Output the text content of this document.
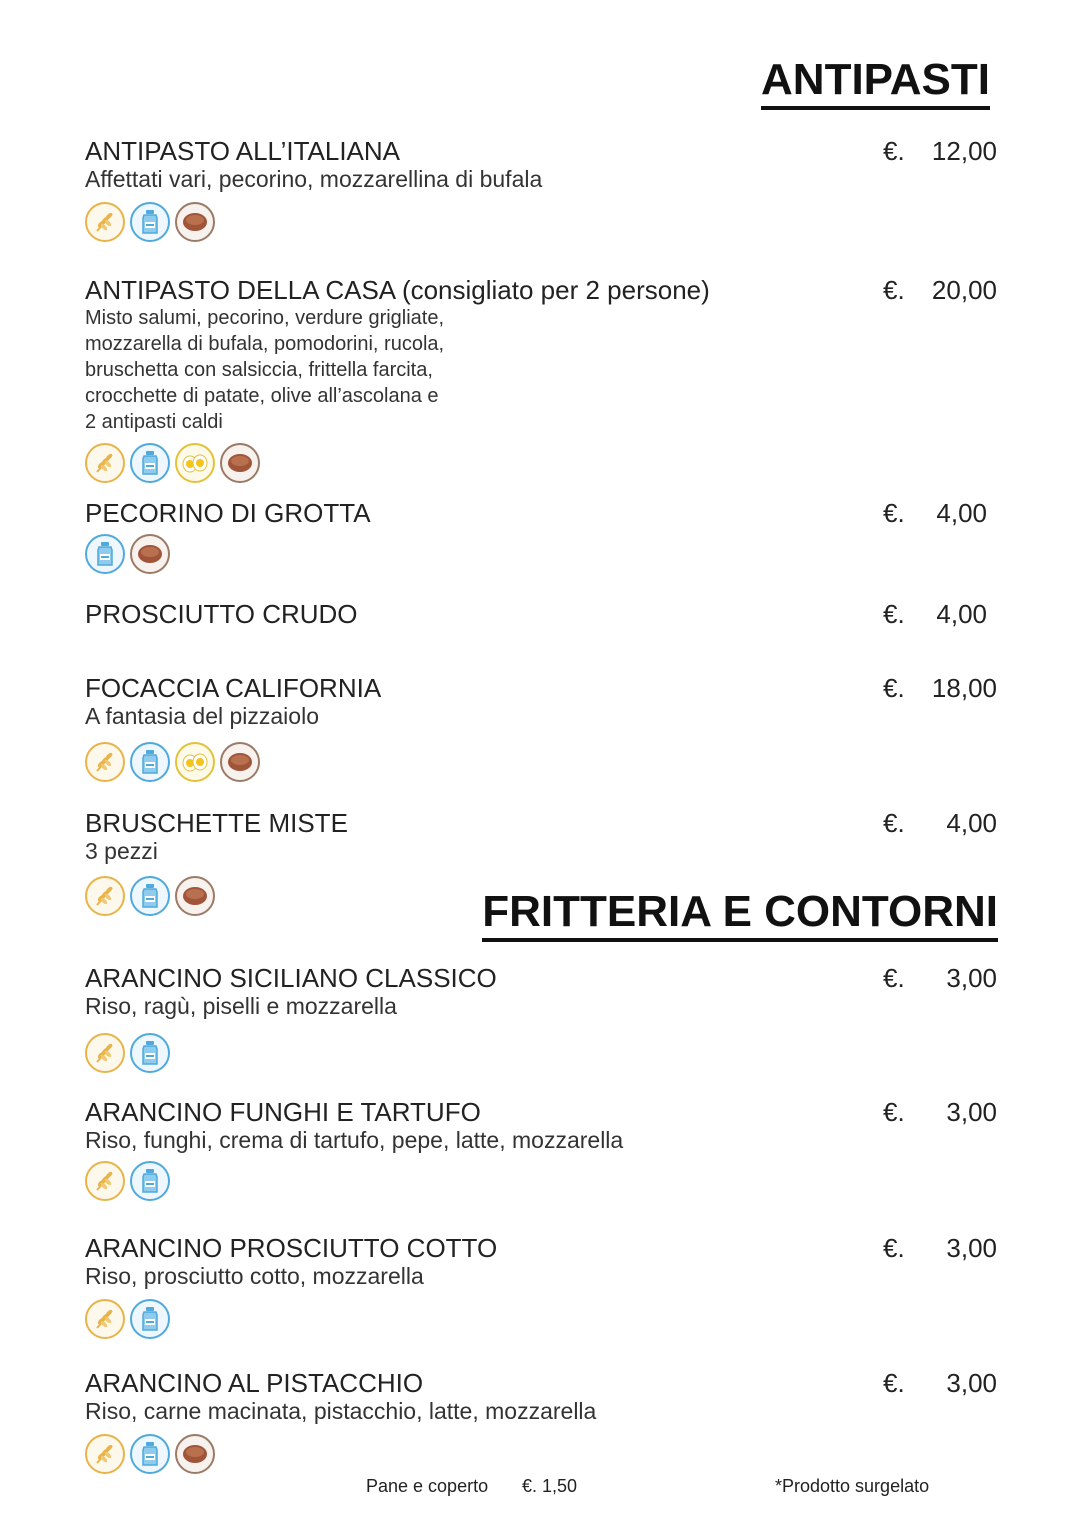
ANTIPASTI
ANTIPASTO ALL’ITALIANA	€. 12,00
Affettati vari, pecorino, mozzarellina di bufala
ANTIPASTO DELLA CASA (consigliato per 2 persone)	€. 20,00
Misto salumi, pecorino, verdure grigliate,
mozzarella di bufala, pomodorini, rucola,
bruschetta con salsiccia, frittella farcita,
crocchette di patate, olive all’ascolana e
2 antipasti caldi
PECORINO DI GROTTA	€. 4,00
PROSCIUTTO CRUDO	€. 4,00
FOCACCIA CALIFORNIA	€. 18,00
A fantasia del pizzaiolo
BRUSCHETTE MISTE	€. 4,00
3 pezzi
FRITTERIA E CONTORNI
ARANCINO SICILIANO CLASSICO	€. 3,00
Riso, ragù, piselli e mozzarella
ARANCINO FUNGHI E TARTUFO	€. 3,00
Riso, funghi, crema di tartufo, pepe, latte, mozzarella
ARANCINO PROSCIUTTO COTTO	€. 3,00
Riso, prosciutto cotto, mozzarella
ARANCINO AL PISTACCHIO	€. 3,00
Riso, carne macinata, pistacchio, latte, mozzarella
Pane e coperto €. 1,50	*Prodotto surgelato
